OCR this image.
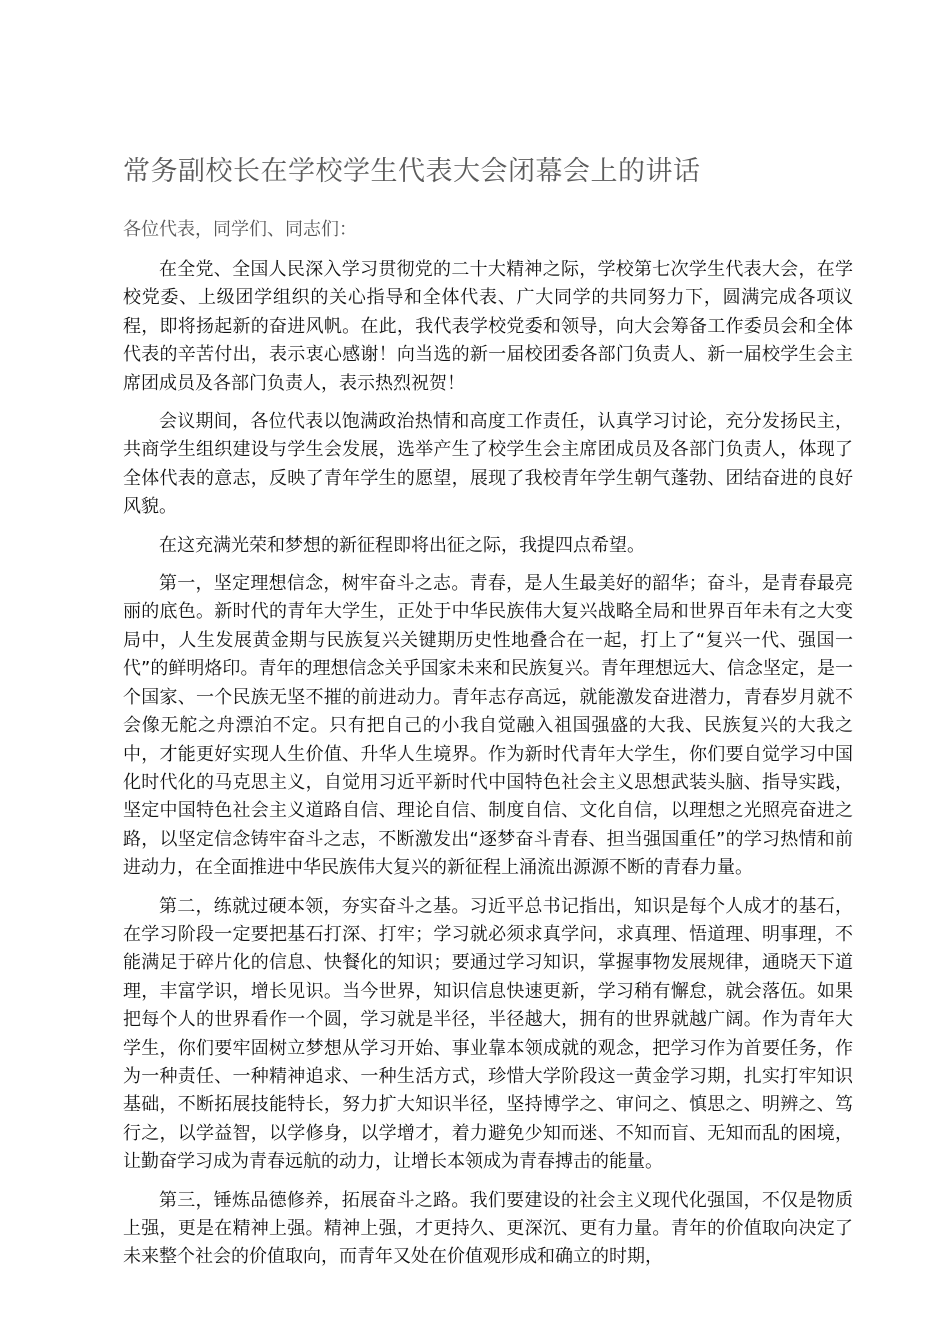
常务副校长在学校学生代表大会闭幕会上的讲话

各位代表，同学们、同志们：

在全党、全国人民深入学习贯彻党的二十大精神之际，学校第七次学生代表大会，在学校党委、上级团学组织的关心指导和全体代表、广大同学的共同努力下，圆满完成各项议程，即将扬起新的奋进风帆。在此，我代表学校党委和领导，向大会筹备工作委员会和全体代表的辛苦付出，表示衷心感谢！向当选的新一届校团委各部门负责人、新一届校学生会主席团成员及各部门负责人，表示热烈祝贺！

会议期间，各位代表以饱满政治热情和高度工作责任，认真学习讨论，充分发扬民主，共商学生组织建设与学生会发展，选举产生了校学生会主席团成员及各部门负责人，体现了全体代表的意志，反映了青年学生的愿望，展现了我校青年学生朝气蓬勃、团结奋进的良好风貌。

在这充满光荣和梦想的新征程即将出征之际，我提四点希望。

第一，坚定理想信念，树牢奋斗之志。青春，是人生最美好的韶华；奋斗，是青春最亮丽的底色。新时代的青年大学生，正处于中华民族伟大复兴战略全局和世界百年未有之大变局中，人生发展黄金期与民族复兴关键期历史性地叠合在一起，打上了“复兴一代、强国一代”的鲜明烙印。青年的理想信念关乎国家未来和民族复兴。青年理想远大、信念坚定，是一个国家、一个民族无坚不摧的前进动力。青年志存高远，就能激发奋进潜力，青春岁月就不会像无舵之舟漂泊不定。只有把自己的小我自觉融入祖国强盛的大我、民族复兴的大我之中，才能更好实现人生价值、升华人生境界。作为新时代青年大学生，你们要自觉学习中国化时代化的马克思主义，自觉用习近平新时代中国特色社会主义思想武装头脑、指导实践，坚定中国特色社会主义道路自信、理论自信、制度自信、文化自信，以理想之光照亮奋进之路，以坚定信念铸牢奋斗之志，不断激发出“逐梦奋斗青春、担当强国重任”的学习热情和前进动力，在全面推进中华民族伟大复兴的新征程上涌流出源源不断的青春力量。

第二，练就过硬本领，夯实奋斗之基。习近平总书记指出，知识是每个人成才的基石，在学习阶段一定要把基石打深、打牢；学习就必须求真学问，求真理、悟道理、明事理，不能满足于碎片化的信息、快餐化的知识；要通过学习知识，掌握事物发展规律，通晓天下道理，丰富学识，增长见识。当今世界，知识信息快速更新，学习稍有懈怠，就会落伍。如果把每个人的世界看作一个圆，学习就是半径，半径越大，拥有的世界就越广阔。作为青年大学生，你们要牢固树立梦想从学习开始、事业靠本领成就的观念，把学习作为首要任务，作为一种责任、一种精神追求、一种生活方式，珍惜大学阶段这一黄金学习期，扎实打牢知识基础，不断拓展技能特长，努力扩大知识半径，坚持博学之、审问之、慎思之、明辨之、笃行之，以学益智，以学修身，以学增才，着力避免少知而迷、不知而盲、无知而乱的困境，让勤奋学习成为青春远航的动力，让增长本领成为青春搏击的能量。

第三，锤炼品德修养，拓展奋斗之路。我们要建设的社会主义现代化强国，不仅是物质上强，更是在精神上强。精神上强，才更持久、更深沉、更有力量。青年的价值取向决定了未来整个社会的价值取向，而青年又处在价值观形成和确立的时期，
